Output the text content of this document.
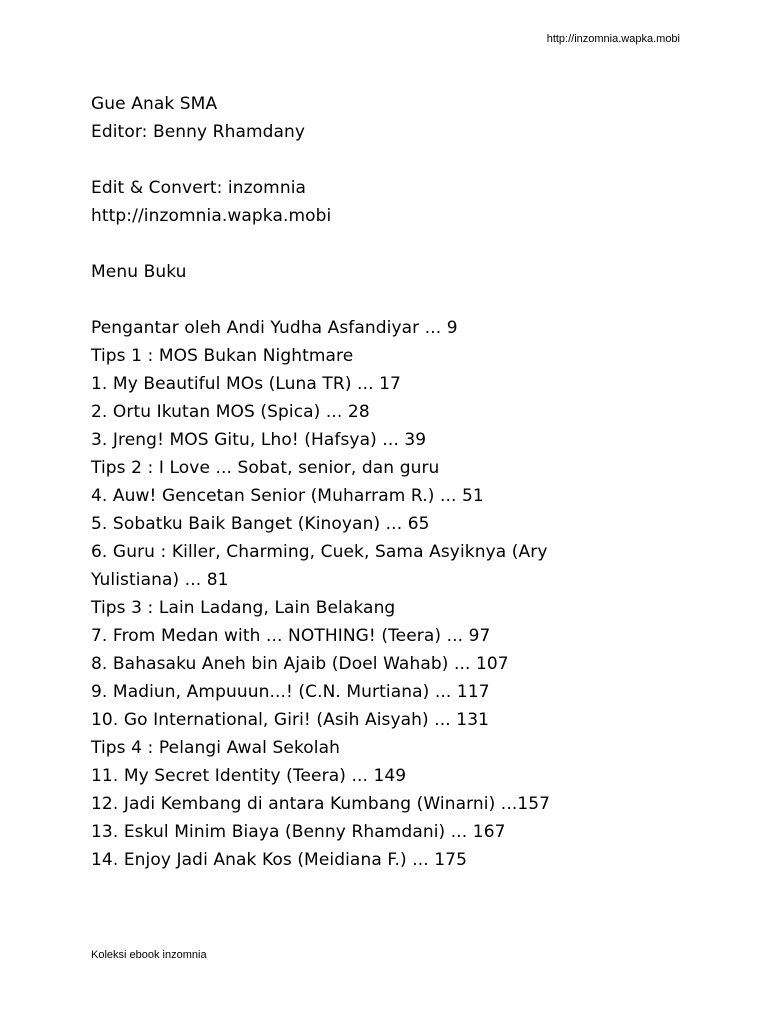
http://inzomnia.wapka.mobi
Gue Anak SMA
Editor: Benny Rhamdany
Edit & Convert: inzomnia
http://inzomnia.wapka.mobi
Menu Buku
Pengantar oleh Andi Yudha Asfandiyar ... 9
Tips 1 : MOS Bukan Nightmare
1. My Beautiful MOs (Luna TR) ... 17
2. Ortu Ikutan MOS (Spica) ... 28
3. Jreng! MOS Gitu, Lho! (Hafsya) ... 39
Tips 2 : I Love ... Sobat, senior, dan guru
4. Auw! Gencetan Senior (Muharram R.) ... 51
5. Sobatku Baik Banget (Kinoyan) ... 65
6. Guru : Killer, Charming, Cuek, Sama Asyiknya (Ary
Yulistiana) ... 81
Tips 3 : Lain Ladang, Lain Belakang
7. From Medan with ... NOTHING! (Teera) ... 97
8. Bahasaku Aneh bin Ajaib (Doel Wahab) ... 107
9. Madiun, Ampuuun...! (C.N. Murtiana) ... 117
10. Go International, Giri! (Asih Aisyah) ... 131
Tips 4 : Pelangi Awal Sekolah
11. My Secret Identity (Teera) ... 149
12. Jadi Kembang di antara Kumbang (Winarni) ...157
13. Eskul Minim Biaya (Benny Rhamdani) ... 167
14. Enjoy Jadi Anak Kos (Meidiana F.) ... 175
Koleksi ebook inzomnia
